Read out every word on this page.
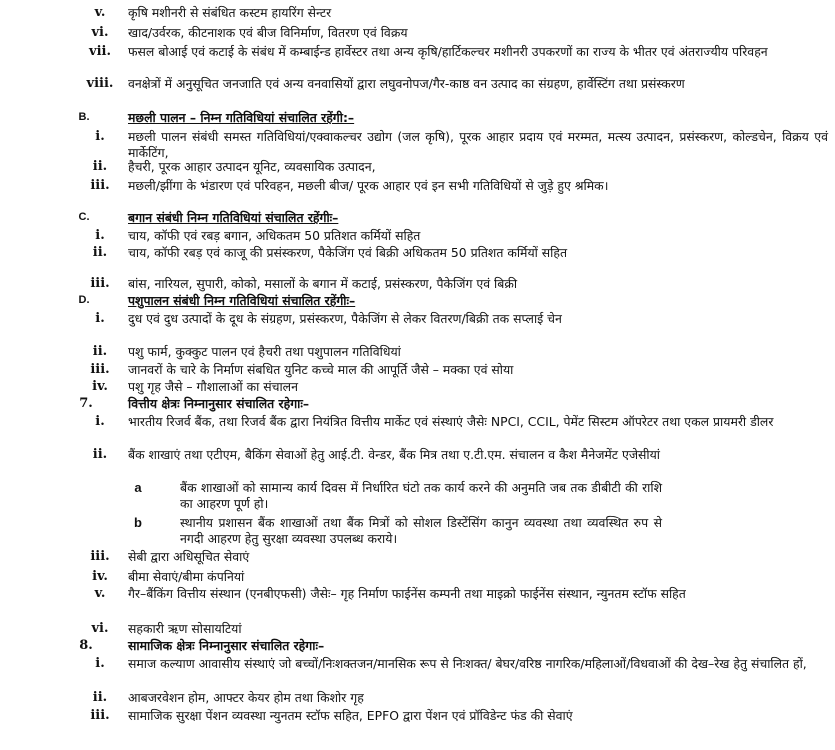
v.	कृषि मशीनरी से संबंधित कस्टम हायरिंग सेन्टर
vi.	खाद/उर्वरक, कीटनाशक एवं बीज विनिर्माण, वितरण एवं विक्रय
vii.	फसल बोआई एवं कटाई के संबंध में कम्बाईन्ड हार्वेस्टर तथा अन्य कृषि/हार्टिकल्चर मशीनरी उपकरणों का राज्य के भीतर एवं अंतराज्यीय परिवहन
viii.	वनक्षेत्रों में अनुसूचित जनजाति एवं अन्य वनवासियों द्वारा लघुवनोपज/गैर-काष्ठ वन उत्पाद का संग्रहण, हार्वेस्टिंग तथा प्रसंस्करण
B.	मछली पालन – निम्न गतिविधियां संचालित रहेंगी:–
i.	मछली पालन संबंधी समस्त गतिविधियां/एक्वाकल्चर उद्योग (जल कृषि), पूरक आहार प्रदाय एवं मरम्मत, मत्स्य उत्पादन, प्रसंस्करण, कोल्डचेन, विक्रय एवं मार्केटिंग,
ii.	हैचरी, पूरक आहार उत्पादन यूनिट, व्यवसायिक उत्पादन,
iii.	मछली/झींगा के भंडारण एवं परिवहन, मछली बीज/ पूरक आहार एवं इन सभी गतिविधियों से जुड़े हुए श्रमिक।
C.	बगान संबंधी निम्न गतिविधियां संचालित रहेंगीः–
i.	चाय, कॉफी एवं रबड़ बगान, अधिकतम 50 प्रतिशत कर्मियों सहित
ii.	चाय, कॉफी रबड़ एवं काजू की प्रसंस्करण, पैकेजिंग एवं बिक्री अधिकतम 50 प्रतिशत कर्मियों सहित
iii.	बांस, नारियल, सुपारी, कोको, मसालों के बगान में कटाई, प्रसंस्करण, पैकेजिंग एवं बिक्री
D.	पशुपालन संबंधी निम्न गतिविधियां संचालित रहेंगीः–
i.	दुध एवं दुध उत्पादों के दूध के संग्रहण, प्रसंस्करण, पैकेजिंग से लेकर वितरण/बिक्री तक सप्लाई चेन
ii.	पशु फार्म, कुक्कुट पालन एवं हैचरी तथा पशुपालन गतिविधियां
iii.	जानवरों के चारे के निर्माण संबधित युनिट कच्चे माल की आपूर्ति जैसे – मक्का एवं सोया
iv.	पशु गृह जैसे – गौशालाओं का संचालन
7.	वित्तीय क्षेत्रः निम्नानुसार संचालित रहेगाः–
i.	भारतीय रिजर्व बैंक, तथा रिजर्व बैंक द्वारा नियंत्रित वित्तीय मार्केट एवं संस्थाएं जैसेः NPCI, CCIL, पेमेंट सिस्टम ऑपरेटर तथा एकल प्रायमरी डीलर
ii.	बैंक शाखाएं तथा एटीएम, बैकिंग सेवाओं हेतु आई.टी. वेन्डर, बैंक मित्र तथा ए.टी.एम. संचालन व कैश मैनेजमेंट एजेसीयां
a	बैंक शाखाओं को सामान्य कार्य दिवस में निर्धारित घंटो तक कार्य करने की अनुमति जब तक डीबीटी की राशि का आहरण पूर्ण हो।
b	स्थानीय प्रशासन बैंक शाखाओं तथा बैंक मित्रों को सोशल डिस्टेंसिंग कानुन व्यवस्था तथा व्यवस्थित रुप से नगदी आहरण हेतु सुरक्षा व्यवस्था उपलब्ध कराये।
iii.	सेबी द्वारा अधिसूचित सेवाएं
iv.	बीमा सेवाएं/बीमा कंपनियां
v.	गैर–बैंकिंग वित्तीय संस्थान (एनबीएफसी) जैसेः– गृह निर्माण फाईनेंस कम्पनी तथा माइक्रो फाईनेंस संस्थान, न्युनतम स्टॉफ सहित
vi.	सहकारी ऋण सोसायटियां
8.	सामाजिक क्षेत्रः निम्नानुसार संचालित रहेगाः–
i.	समाज कल्याण आवासीय संस्थाएं जो बच्चों/निःशक्तजन/मानसिक रूप से निःशक्त/ बेघर/वरिष्ठ नागरिक/महिलाओं/विधवाओं की देख–रेख हेतु संचालित हों,
ii.	आबजरवेशन होम, आफ्टर केयर होम तथा किशोर गृह
iii.	सामाजिक सुरक्षा पेंशन व्यवस्था न्युनतम स्टॉफ सहित, EPFO द्वारा पेंशन एवं प्रॉविडेन्ट फंड की सेवाएं
